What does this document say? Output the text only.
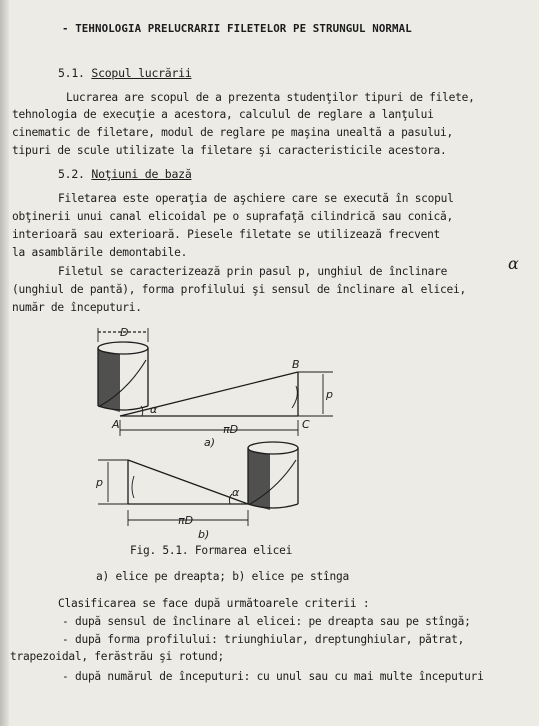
- TEHNOLOGIA PRELUCRARII FILETELOR PE STRUNGUL NORMAL
5.1. Scopul lucrării
Lucrarea are scopul de a prezenta studenţilor tipuri de filete,
tehnologia de execuţie a acestora, calculul de reglare a lanţului
cinematic de filetare, modul de reglare pe maşina unealtă a pasului,
tipuri de scule utilizate la filetare şi caracteristicile acestora.
5.2. Noţiuni de bază
Filetarea este operaţia de aşchiere care se execută în scopul
obţinerii unui canal elicoidal pe o suprafaţă cilindrică sau conică,
interioară sau exterioară. Piesele filetate se utilizează frecvent
la asamblările demontabile.
Filetul se caracterizează prin pasul p, unghiul de înclinare	α
(unghiul de pantă), forma profilului şi sensul de înclinare al elicei,
număr de începuturi.
D
B
A	C
α
p
πD
a)
p
α
πD
b)
Fig. 5.1. Formarea elicei
a) elice pe dreapta; b) elice pe stînga
Clasificarea se face după următoarele criterii :
- după sensul de înclinare al elicei: pe dreapta sau pe stîngă;
- după forma profilului: triunghiular, dreptunghiular, pătrat,
trapezoidal, ferăstrău şi rotund;
- după numărul de începuturi: cu unul sau cu mai multe începuturi
